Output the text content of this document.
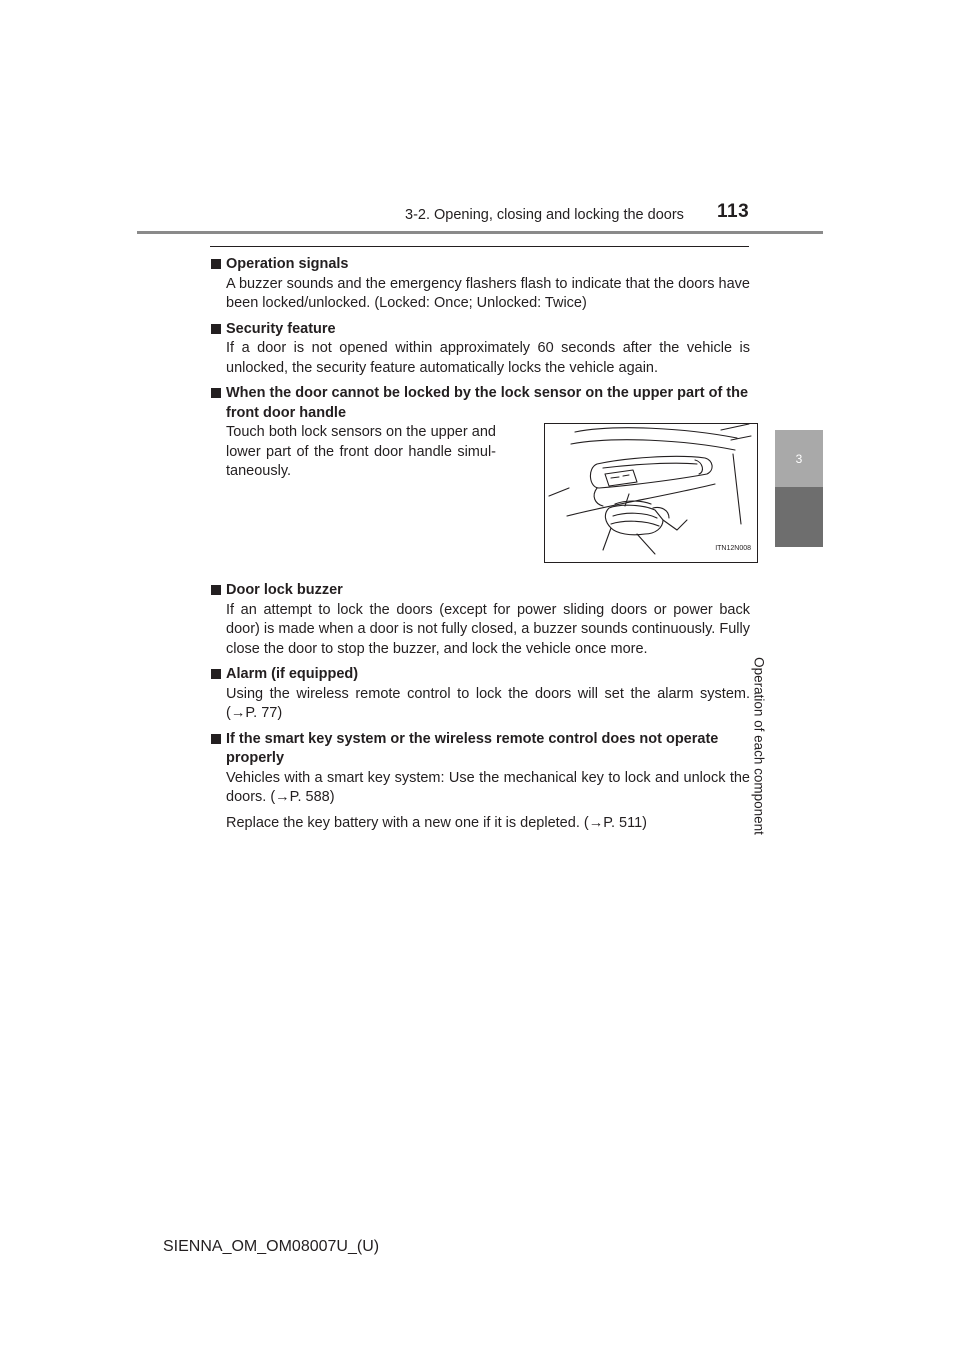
3-2. Opening, closing and locking the doors 113
3
Operation of each component
Operation signals

A buzzer sounds and the emergency flashers flash to indicate that the doors have been locked/unlocked. (Locked: Once; Unlocked: Twice)

Security feature

If a door is not opened within approximately 60 seconds after the vehicle is unlocked, the security feature automatically locks the vehicle again.

When the door cannot be locked by the lock sensor on the upper part of the front door handle
Touch both lock sensors on the upper and lower part of the front door handle simul-taneously.
ITN12N008
Door lock buzzer

If an attempt to lock the doors (except for power sliding doors or power back door) is made when a door is not fully closed, a buzzer sounds continuously. Fully close the door to stop the buzzer, and lock the vehicle once more.

Alarm (if equipped)

Using the wireless remote control to lock the doors will set the alarm system. (→P. 77)

If the smart key system or the wireless remote control does not operate properly

Vehicles with a smart key system: Use the mechanical key to lock and unlock the doors. (→P. 588)

Replace the key battery with a new one if it is depleted. (→P. 511)

SIENNA_OM_OM08007U_(U)
